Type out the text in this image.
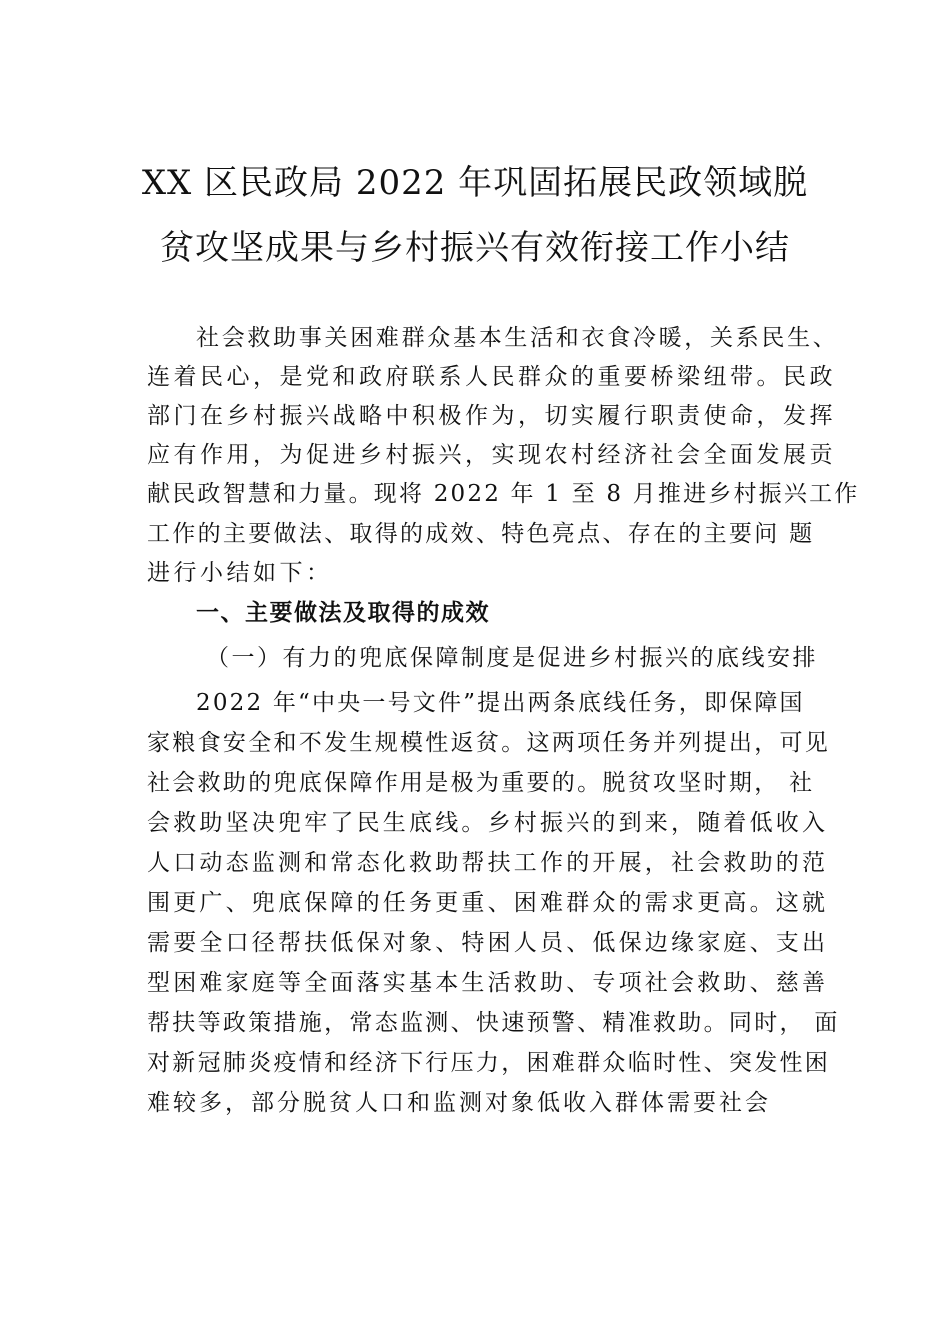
XX 区民政局 2022 年巩固拓展民政领域脱
贫攻坚成果与乡村振兴有效衔接工作小结
社会救助事关困难群众基本生活和衣食冷暖，关系民生、
连着民心，是党和政府联系人民群众的重要桥梁纽带。民政
部门在乡村振兴战略中积极作为，切实履行职责使命，发挥
应有作用，为促进乡村振兴，实现农村经济社会全面发展贡
献民政智慧和力量。现将 2022 年 1 至 8 月推进乡村振兴工作
工作的主要做法、取得的成效、特色亮点、存在的主要问 题
进行小结如下：
一、主要做法及取得的成效
（一）有力的兜底保障制度是促进乡村振兴的底线安排
2022 年“中央一号文件”提出两条底线任务，即保障国
家粮食安全和不发生规模性返贫。这两项任务并列提出，可见
社会救助的兜底保障作用是极为重要的。脱贫攻坚时期， 社
会救助坚决兜牢了民生底线。乡村振兴的到来，随着低收入
人口动态监测和常态化救助帮扶工作的开展，社会救助的范
围更广、兜底保障的任务更重、困难群众的需求更高。这就
需要全口径帮扶低保对象、特困人员、低保边缘家庭、支出
型困难家庭等全面落实基本生活救助、专项社会救助、慈善
帮扶等政策措施，常态监测、快速预警、精准救助。同时， 面
对新冠肺炎疫情和经济下行压力，困难群众临时性、突发性困
难较多，部分脱贫人口和监测对象低收入群体需要社会
